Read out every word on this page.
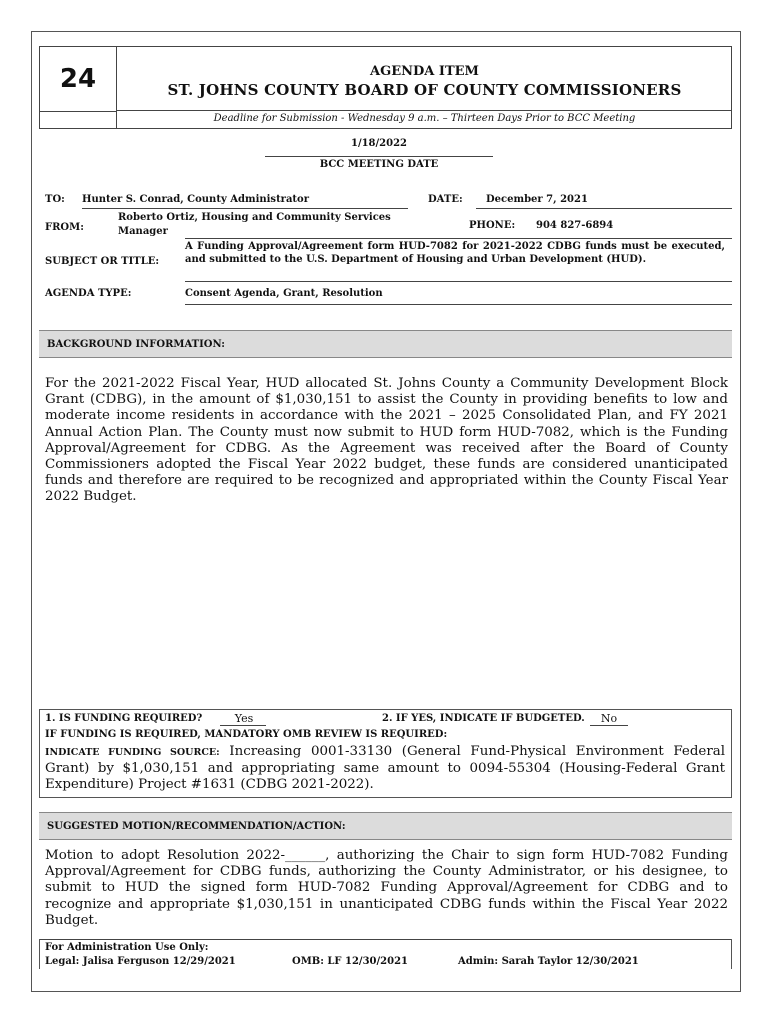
24	AGENDA ITEM
ST. JOHNS COUNTY BOARD OF COUNTY COMMISSIONERS
Deadline for Submission - Wednesday 9 a.m. – Thirteen Days Prior to BCC Meeting
1/18/2022
BCC MEETING DATE
TO: Hunter S. Conrad, County Administrator	DATE: December 7, 2021
FROM:
Roberto Ortiz, Housing and Community Services
Manager
PHONE: 904 827-6894
SUBJECT OR TITLE:
A Funding Approval/Agreement form HUD-7082 for 2021-2022 CDBG funds must be executed, and submitted to the U.S. Department of Housing and Urban Development (HUD).
AGENDA TYPE:	Consent Agenda, Grant, Resolution
BACKGROUND INFORMATION:
For the 2021-2022 Fiscal Year, HUD allocated St. Johns County a Community Development Block Grant (CDBG), in the amount of $1,030,151 to assist the County in providing benefits to low and moderate income residents in accordance with the 2021 – 2025 Consolidated Plan, and FY 2021 Annual Action Plan. The County must now submit to HUD form HUD-7082, which is the Funding Approval/Agreement for CDBG. As the Agreement was received after the Board of County Commissioners adopted the Fiscal Year 2022 budget, these funds are considered unanticipated funds and therefore are required to be recognized and appropriated within the County Fiscal Year 2022 Budget.
1. IS FUNDING REQUIRED?	Yes	2. IF YES, INDICATE IF BUDGETED.	No
IF FUNDING IS REQUIRED, MANDATORY OMB REVIEW IS REQUIRED:
INDICATE FUNDING SOURCE: Increasing 0001-33130 (General Fund-Physical Environment Federal Grant) by $1,030,151 and appropriating same amount to 0094-55304 (Housing-Federal Grant Expenditure) Project #1631 (CDBG 2021-2022).
SUGGESTED MOTION/RECOMMENDATION/ACTION:
Motion to adopt Resolution 2022-______, authorizing the Chair to sign form HUD-7082 Funding Approval/Agreement for CDBG funds, authorizing the County Administrator, or his designee, to submit to HUD the signed form HUD-7082 Funding Approval/Agreement for CDBG and to recognize and appropriate $1,030,151 in unanticipated CDBG funds within the Fiscal Year 2022 Budget.
For Administration Use Only:
Legal: Jalisa Ferguson 12/29/2021	OMB: LF 12/30/2021	Admin: Sarah Taylor 12/30/2021
